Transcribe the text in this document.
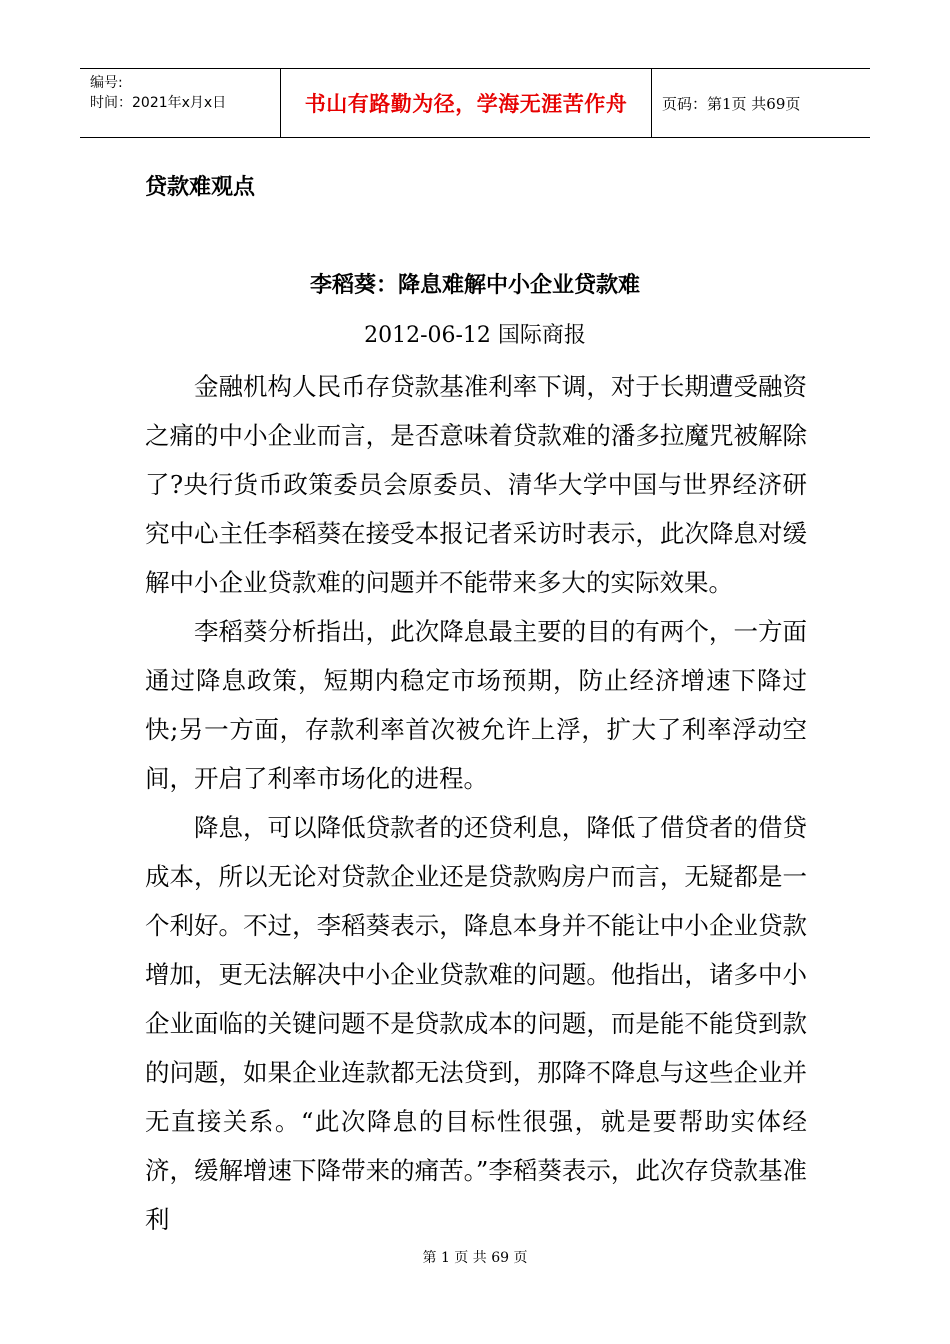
编号:
时间：2021年x月x日	书山有路勤为径，学海无涯苦作舟	页码：第1页 共69页
贷款难观点
李稻葵：降息难解中小企业贷款难
2012-06-12 国际商报

金融机构人民币存贷款基准利率下调，对于长期遭受融资之痛的中小企业而言，是否意味着贷款难的潘多拉魔咒被解除了?央行货币政策委员会原委员、清华大学中国与世界经济研究中心主任李稻葵在接受本报记者采访时表示，此次降息对缓解中小企业贷款难的问题并不能带来多大的实际效果。

李稻葵分析指出，此次降息最主要的目的有两个，一方面通过降息政策，短期内稳定市场预期，防止经济增速下降过快;另一方面，存款利率首次被允许上浮，扩大了利率浮动空间，开启了利率市场化的进程。

降息，可以降低贷款者的还贷利息，降低了借贷者的借贷成本，所以无论对贷款企业还是贷款购房户而言，无疑都是一个利好。不过，李稻葵表示，降息本身并不能让中小企业贷款增加，更无法解决中小企业贷款难的问题。他指出，诸多中小企业面临的关键问题不是贷款成本的问题，而是能不能贷到款的问题，如果企业连款都无法贷到，那降不降息与这些企业并无直接关系。“此次降息的目标性很强，就是要帮助实体经济，缓解增速下降带来的痛苦。”李稻葵表示，此次存贷款基准利

第 1 页 共 69 页
